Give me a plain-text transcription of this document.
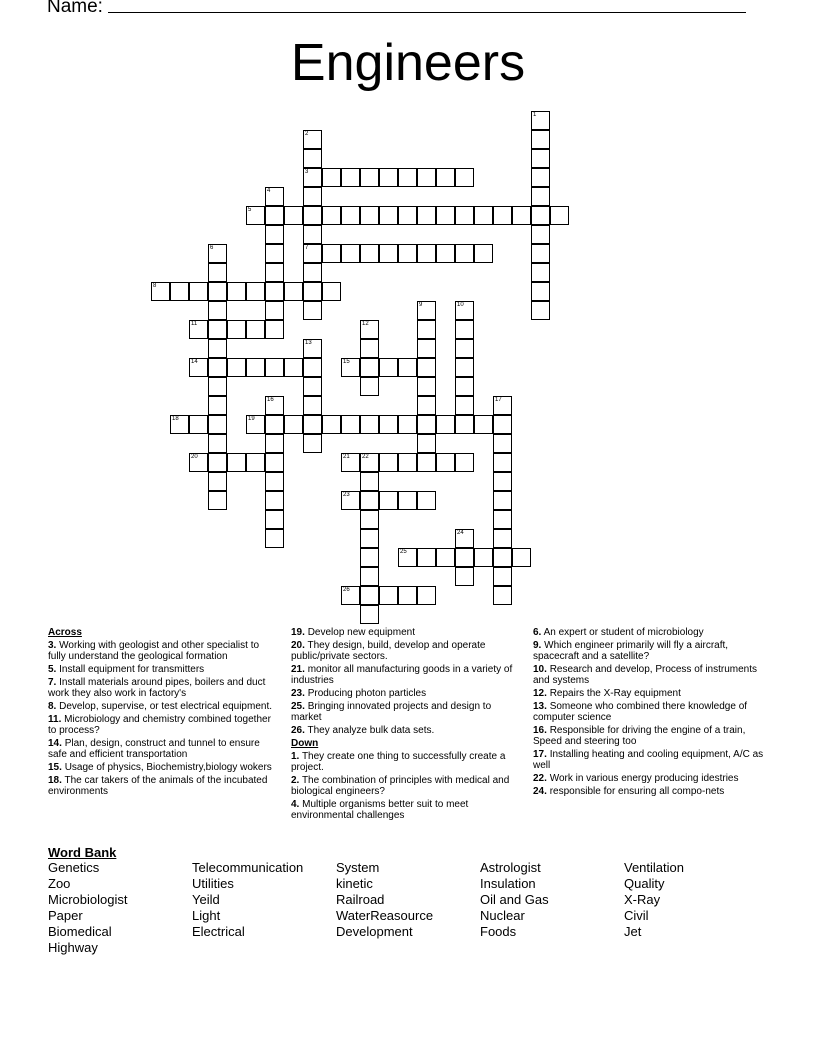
Name:
Engineers
1
2
3
4
5
6	7
8
9	10
11	12
13
14	15
16	17
18	19
20	21 22
23
24
25
26
Across
3. Working with geologist and other specialist to fully understand the geological formation
5. Install equipment for transmitters
7. Install materials around pipes, boilers and duct work they also work in factory's
8. Develop, supervise, or test electrical equipment.
11. Microbiology and chemistry combined together to process?
14. Plan, design, construct and tunnel to ensure safe and efficient transportation
15. Usage of physics, Biochemistry,biology wokers
18. The car takers of the animals of the incubated environments
19. Develop new equipment
20. They design, build, develop and operate public/private sectors.
21. monitor all manufacturing goods in a variety of industries
23. Producing photon particles
25. Bringing innovated projects and design to market
26. They analyze bulk data sets.
Down
1. They create one thing to successfully create a project.
2. The combination of principles with medical and biological engineers?
4. Multiple organisms better suit to meet environmental challenges
6. An expert or student of microbiology
9. Which engineer primarily will fly a aircraft, spacecraft and a satellite?
10. Research and develop, Process of instruments and systems
12. Repairs the X-Ray equipment
13. Someone who combined there knowledge of computer science
16. Responsible for driving the engine of a train, Speed and steering too
17. Installing heating and cooling equipment, A/C as well
22. Work in various energy producing idestries
24. responsible for ensuring all compo-nets
Word Bank
Genetics	Telecommunication	System	Astrologist	Ventilation
Zoo	Utilities	kinetic	Insulation	Quality
Microbiologist	Yeild	Railroad	Oil and Gas	X-Ray
Paper	Light	WaterReasource	Nuclear	Civil
Biomedical	Electrical	Development	Foods	Jet
Highway
